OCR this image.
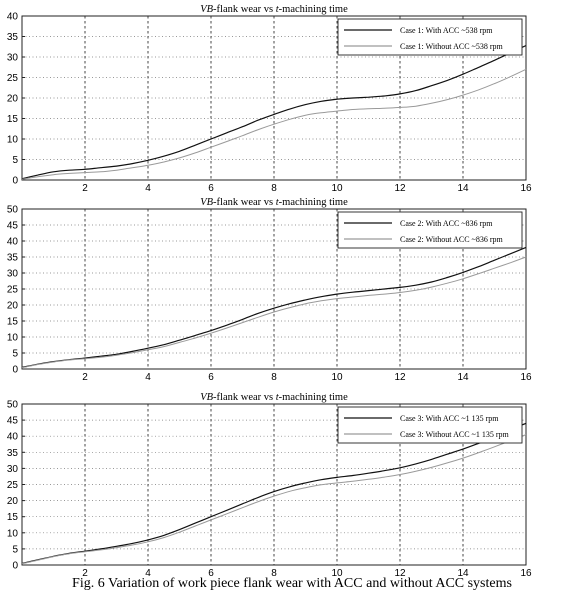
VB-flank wear vs t-machining time
0
5
10
15
20
25
30
35
40
2	4	6	8	10	12	14	16
Case 1: With ACC ~538 rpm
Case 1: Without ACC ~538 rpm
VB-flank wear vs t-machining time
0
5
10
15
20
25
30
35
40
45
50
2	4	6	8	10	12	14	16
Case 2: With ACC ~836 rpm
Case 2: Without ACC ~836 rpm
VB-flank wear vs t-machining time
0
5
10
15
20
25
30
35
40
45
50
2	4	6	8	10	12	14	16
Case 3: With ACC ~1 135 rpm
Case 3: Without ACC ~1 135 rpm
Fig. 6 Variation of work piece flank wear with ACC and without ACC systems
